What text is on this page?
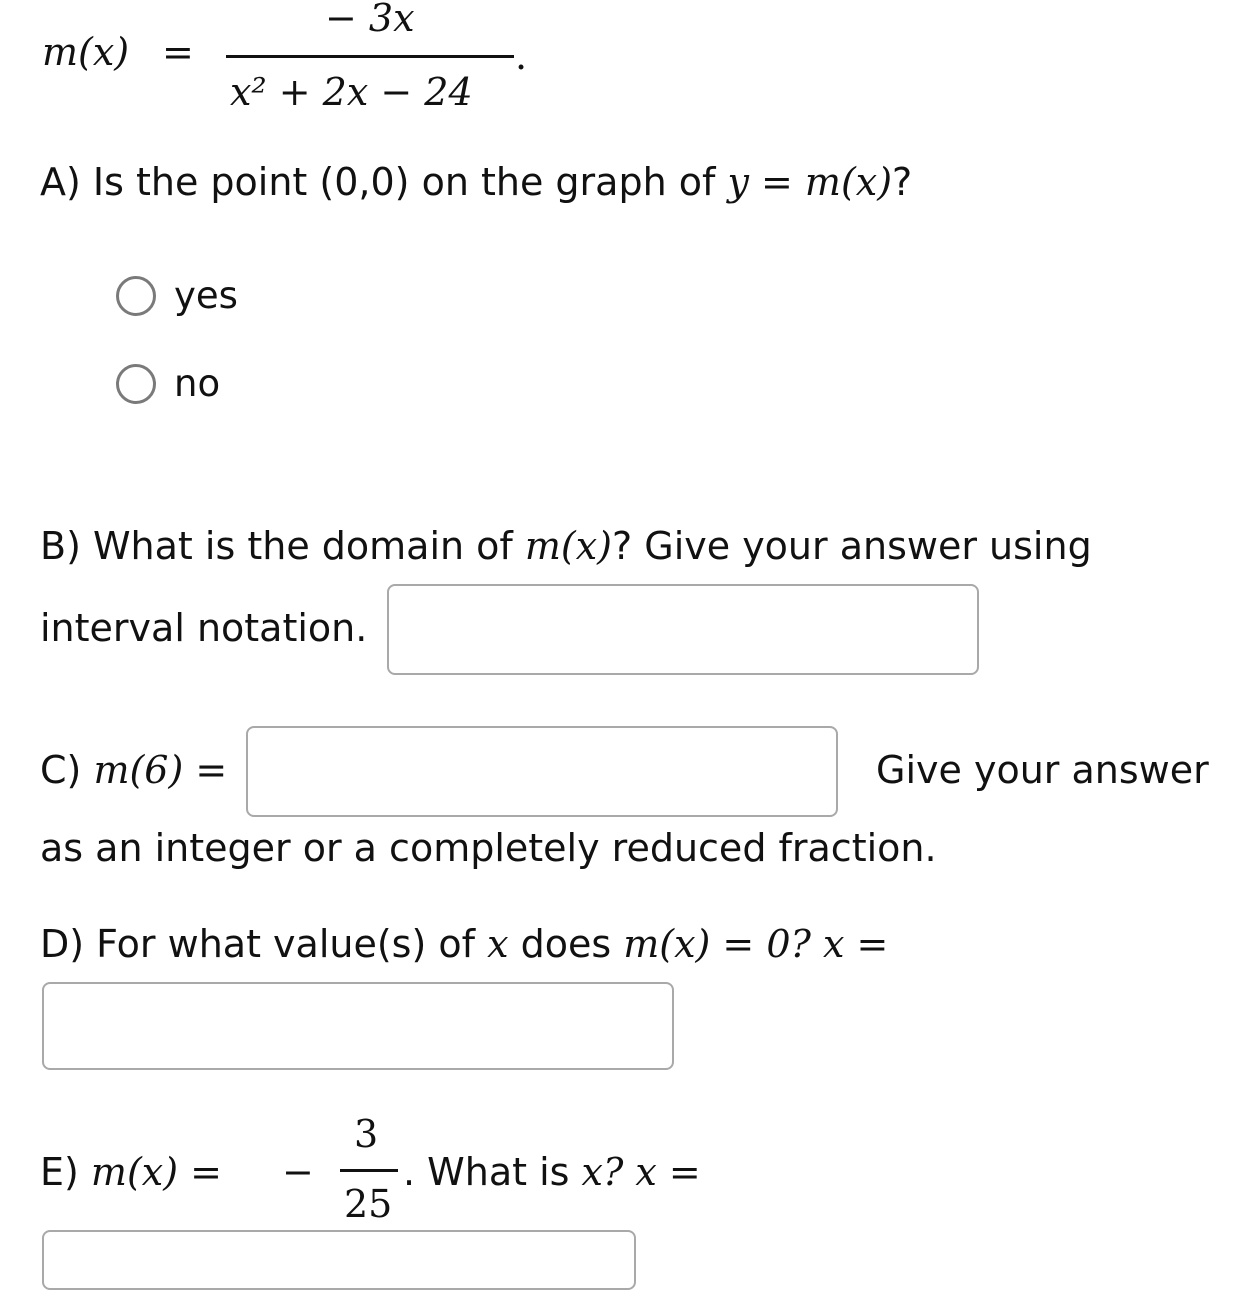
m(x) =
− 3x
x² + 2x − 24
.
A) Is the point (0,0) on the graph of y = m(x)?
yes
no
B) What is the domain of m(x)? Give your answer using
interval notation.
C) m(6) =	Give your answer
as an integer or a completely reduced fraction.
D) For what value(s) of x does m(x) = 0? x =
E) m(x) = −
3
25
. What is x? x =
